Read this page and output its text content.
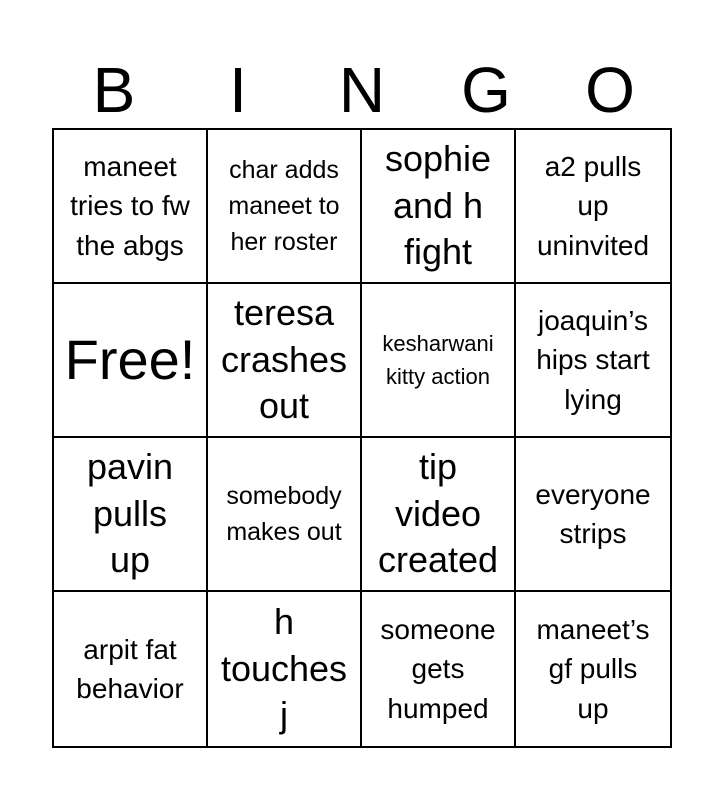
B	I	N	G	O
maneet
tries to fw
the abgs
char adds
maneet to
her roster
sophie
and h
fight
a2 pulls
up
uninvited
Free!
teresa
crashes
out
kesharwani
kitty action
joaquin’s
hips start
lying
pavin
pulls
up
somebody
makes out
tip
video
created
everyone
strips
arpit fat
behavior
h
touches
j
someone
gets
humped
maneet’s
gf pulls
up
